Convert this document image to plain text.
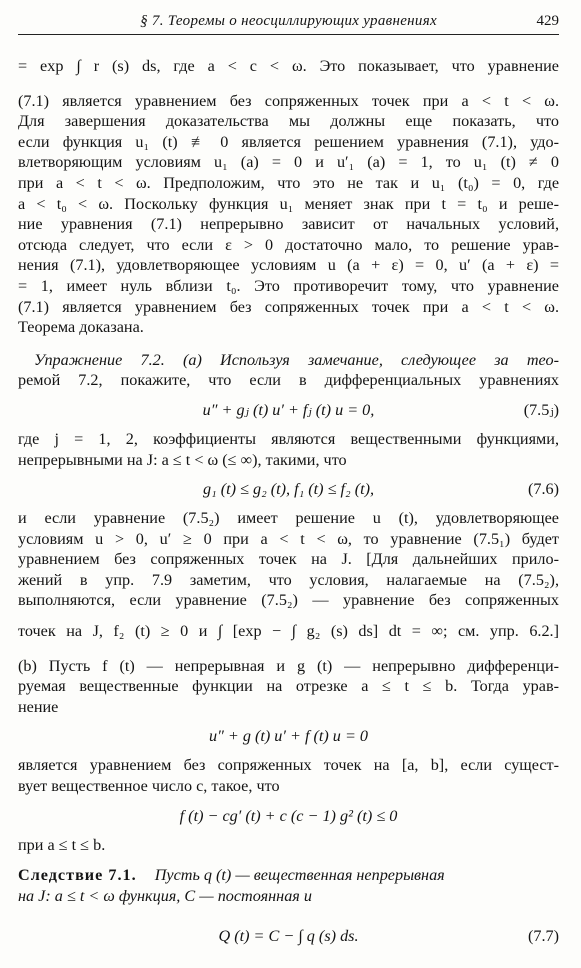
§ 7. Теоремы о неосциллирующих уравнениях	429
= exp ∫ r (s) ds, где a < c < ω. Это показывает, что уравнение
(7.1) является уравнением без сопряженных точек при a < t < ω.
Для завершения доказательства мы должны еще показать, что
если функция u₁ (t) ≢ 0 является решением уравнения (7.1), удо-
влетворяющим условиям u₁ (a) = 0 и u′₁ (a) = 1, то u₁ (t) ≠ 0
при a < t < ω. Предположим, что это не так и u₁ (t₀) = 0, где
a < t₀ < ω. Поскольку функция u₁ меняет знак при t = t₀ и реше-
ние уравнения (7.1) непрерывно зависит от начальных условий,
отсюда следует, что если ε > 0 достаточно мало, то решение урав-
нения (7.1), удовлетворяющее условиям u (a + ε) = 0, u′ (a + ε) =
= 1, имеет нуль вблизи t₀. Это противоречит тому, что уравнение
(7.1) является уравнением без сопряженных точек при a < t < ω.
Теорема доказана.
Упражнение 7.2. (а) Используя замечание, следующее за тео-
ремой 7.2, покажите, что если в дифференциальных уравнениях
u″ + gⱼ (t) u′ + fⱼ (t) u = 0,	(7.5ⱼ)
где j = 1, 2, коэффициенты являются вещественными функциями,
непрерывными на J: a ≤ t < ω (≤ ∞), такими, что
g₁ (t) ≤ g₂ (t), f₁ (t) ≤ f₂ (t),	(7.6)
и если уравнение (7.5₂) имеет решение u (t), удовлетворяющее
условиям u > 0, u′ ≥ 0 при a < t < ω, то уравнение (7.5₁) будет
уравнением без сопряженных точек на J. [Для дальнейших прило-
жений в упр. 7.9 заметим, что условия, налагаемые на (7.5₂),
выполняются, если уравнение (7.5₂) — уравнение без сопряженных
точек на J, f₂ (t) ≥ 0 и ∫ [exp − ∫ g₂ (s) ds] dt = ∞; см. упр. 6.2.]
(b) Пусть f (t) — непрерывная и g (t) — непрерывно дифференци-
руемая вещественные функции на отрезке a ≤ t ≤ b. Тогда урав-
нение
u″ + g (t) u′ + f (t) u = 0
является уравнением без сопряженных точек на [a, b], если сущест-
вует вещественное число c, такое, что
f (t) − cg′ (t) + c (c − 1) g² (t) ≤ 0
при a ≤ t ≤ b.
Следствие 7.1. Пусть q (t) — вещественная непрерывная
на J: a ≤ t < ω функция, C — постоянная и
Q (t) = C − ∫ q (s) ds.	(7.7)
